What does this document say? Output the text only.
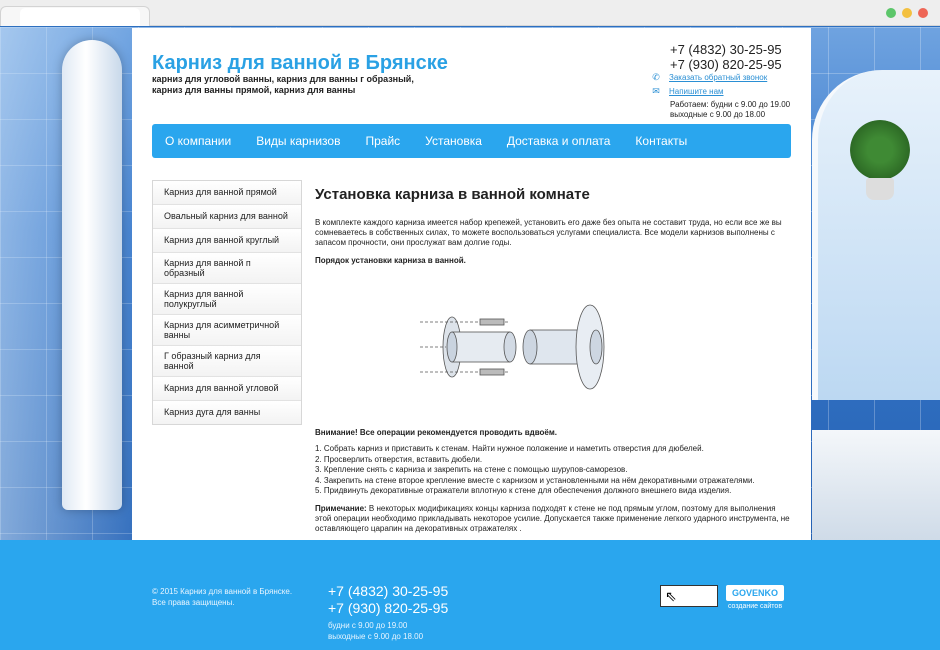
© 2015 Карниз для ванной в Брянске.
Все права защищены.
+7 (4832) 30-25-95
+7 (930) 820-25-95
будни с 9.00 до 19.00
выходные с 9.00 до 18.00
⇖	GOVENKO
создание сайтов
Карниз для ванной в Брянске
карниз для угловой ванны, карниз для ванны г образный,
карниз для ванны прямой, карниз для ванны
+7 (4832) 30-25-95
+7 (930) 820-25-95
✆ Заказать обратный звонок
✉ Напишите нам
Работаем: будни с 9.00 до 19.00
выходные с 9.00 до 18.00
О компании	Виды карнизов	Прайс	Установка	Доставка и оплата	Контакты
Карниз для ванной прямой
Овальный карниз для ванной
Карниз для ванной круглый
Карниз для ванной п образный
Карниз для ванной полукруглый
Карниз для асимметричной ванны
Г образный карниз для ванной
Карниз для ванной угловой
Карниз дуга для ванны
Установка карниза в ванной комнате
В комплекте каждого карниза имеется набор крепежей, установить его даже без опыта не составит труда, но если все же вы сомневаетесь в собственных силах, то можете воспользоваться услугами специалиста. Все модели карнизов выполнены с запасом прочности, они прослужат вам долгие годы.
Порядок установки карниза в ванной.
Внимание! Все операции рекомендуется проводить вдвоём.
1. Собрать карниз и приставить к стенам. Найти нужное положение и наметить отверстия для дюбелей.
2. Просверлить отверстия, вставить дюбели.
3. Крепление снять с карниза и закрепить на стене с помощью шурупов-саморезов.
4. Закрепить на стене второе крепление вместе с карнизом и установленными на нём декоративными отражателями.
5. Придвинуть декоративные отражатели вплотную к стене для обеспечения должного внешнего вида изделия.
Примечание: В некоторых модификациях концы карниза подходят к стене не под прямым углом, поэтому для выполнения этой операции необходимо прикладывать некоторое усилие. Допускается также применение легкого ударного инструмента, не оставляющего царапин на декоративных отражателях .
